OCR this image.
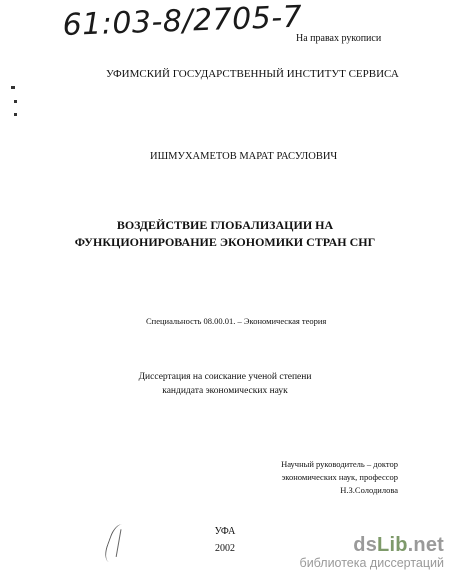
61:03-8/2705-7
На правах рукописи
УФИМСКИЙ ГОСУДАРСТВЕННЫЙ ИНСТИТУТ СЕРВИСА
ИШМУХАМЕТОВ МАРАТ РАСУЛОВИЧ
ВОЗДЕЙСТВИЕ ГЛОБАЛИЗАЦИИ НА
ФУНКЦИОНИРОВАНИЕ ЭКОНОМИКИ СТРАН СНГ
Специальность 08.00.01. – Экономическая теория
Диссертация на соискание ученой степени
кандидата экономических наук
Научный руководитель – доктор
экономических наук, профессор
Н.З.Солодилова
УФА
2002	dsLib.net
библиотека диссертаций
